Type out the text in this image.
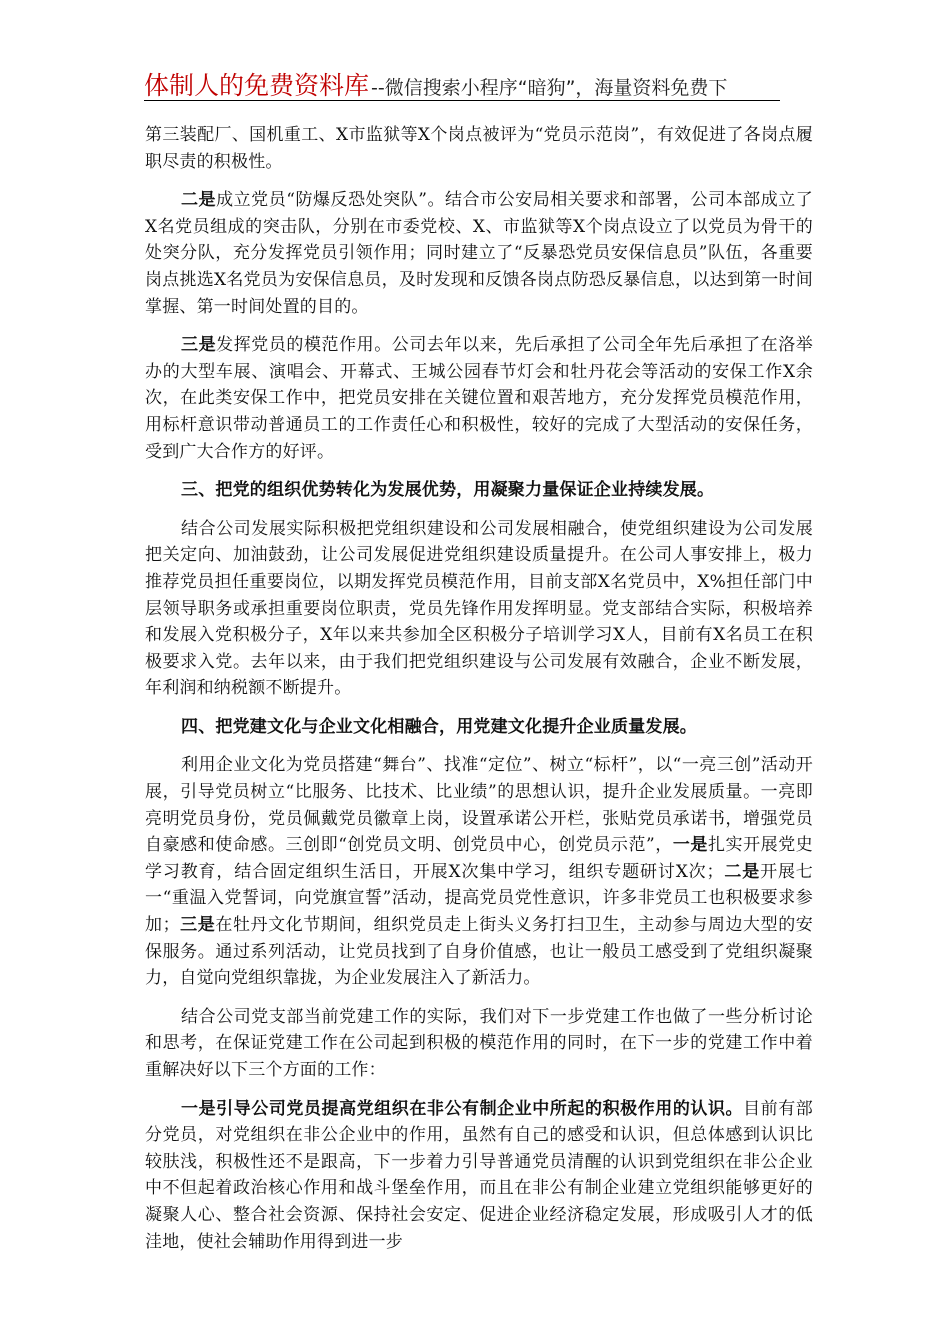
体制人的免费资料库 --微信搜索小程序“暗狗”，海量资料免费下

第三装配厂、国机重工、X市监狱等X个岗点被评为“党员示范岗”，有效促进了各岗点履职尽责的积极性。

二是成立党员“防爆反恐处突队”。结合市公安局相关要求和部署，公司本部成立了X名党员组成的突击队，分别在市委党校、X、市监狱等X个岗点设立了以党员为骨干的处突分队，充分发挥党员引领作用；同时建立了“反暴恐党员安保信息员”队伍，各重要岗点挑选X名党员为安保信息员，及时发现和反馈各岗点防恐反暴信息，以达到第一时间掌握、第一时间处置的目的。

三是发挥党员的模范作用。公司去年以来，先后承担了公司全年先后承担了在洛举办的大型车展、演唱会、开幕式、王城公园春节灯会和牡丹花会等活动的安保工作X余次，在此类安保工作中，把党员安排在关键位置和艰苦地方，充分发挥党员模范作用，用标杆意识带动普通员工的工作责任心和积极性，较好的完成了大型活动的安保任务，受到广大合作方的好评。

三、把党的组织优势转化为发展优势，用凝聚力量保证企业持续发展。

结合公司发展实际积极把党组织建设和公司发展相融合，使党组织建设为公司发展把关定向、加油鼓劲，让公司发展促进党组织建设质量提升。在公司人事安排上，极力推荐党员担任重要岗位，以期发挥党员模范作用，目前支部X名党员中，X%担任部门中层领导职务或承担重要岗位职责，党员先锋作用发挥明显。党支部结合实际，积极培养和发展入党积极分子，X年以来共参加全区积极分子培训学习X人，目前有X名员工在积极要求入党。去年以来，由于我们把党组织建设与公司发展有效融合，企业不断发展，年利润和纳税额不断提升。

四、把党建文化与企业文化相融合，用党建文化提升企业质量发展。

利用企业文化为党员搭建“舞台”、找准“定位”、树立“标杆”，以“一亮三创”活动开展，引导党员树立“比服务、比技术、比业绩”的思想认识，提升企业发展质量。一亮即亮明党员身份，党员佩戴党员徽章上岗，设置承诺公开栏，张贴党员承诺书，增强党员自豪感和使命感。三创即“创党员文明、创党员中心，创党员示范”，一是扎实开展党史学习教育，结合固定组织生活日，开展X次集中学习，组织专题研讨X次；二是开展七一“重温入党誓词，向党旗宣誓”活动，提高党员党性意识，许多非党员工也积极要求参加；三是在牡丹文化节期间，组织党员走上街头义务打扫卫生，主动参与周边大型的安保服务。通过系列活动，让党员找到了自身价值感，也让一般员工感受到了党组织凝聚力，自觉向党组织靠拢，为企业发展注入了新活力。

结合公司党支部当前党建工作的实际，我们对下一步党建工作也做了一些分析讨论和思考，在保证党建工作在公司起到积极的模范作用的同时，在下一步的党建工作中着重解决好以下三个方面的工作：

一是引导公司党员提高党组织在非公有制企业中所起的积极作用的认识。目前有部分党员，对党组织在非公企业中的作用，虽然有自己的感受和认识，但总体感到认识比较肤浅，积极性还不是跟高，下一步着力引导普通党员清醒的认识到党组织在非公企业中不但起着政治核心作用和战斗堡垒作用，而且在非公有制企业建立党组织能够更好的凝聚人心、整合社会资源、保持社会安定、促进企业经济稳定发展，形成吸引人才的低洼地，使社会辅助作用得到进一步
